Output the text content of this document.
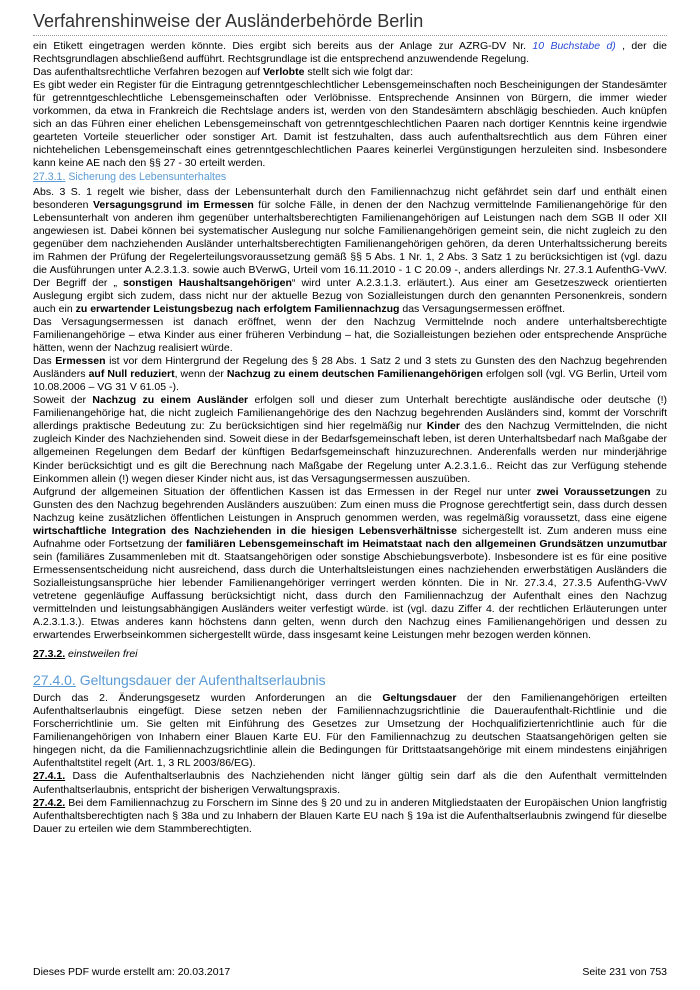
Verfahrenshinweise der Ausländerbehörde Berlin

ein Etikett eingetragen werden könnte. Dies ergibt sich bereits aus der Anlage zur AZRG-DV Nr. 10 Buchstabe d) , der die Rechtsgrundlagen abschließend aufführt. Rechtsgrundlage ist die entsprechend anzuwendende Regelung.

Das aufenthaltsrechtliche Verfahren bezogen auf Verlobte stellt sich wie folgt dar:

Es gibt weder ein Register für die Eintragung getrenntgeschlechtlicher Lebensgemeinschaften noch Bescheinigungen der Standesämter für getrenntgeschlechtliche Lebensgemeinschaften oder Verlöbnisse. Entsprechende Ansinnen von Bürgern, die immer wieder vorkommen, da etwa in Frankreich die Rechtslage anders ist, werden von den Standesämtern abschlägig beschieden. Auch knüpfen sich an das Führen einer ehelichen Lebensgemeinschaft von getrenntgeschlechtlichen Paaren nach dortiger Kenntnis keine irgendwie gearteten Vorteile steuerlicher oder sonstiger Art. Damit ist festzuhalten, dass auch aufenthaltsrechtlich aus dem Führen einer nichtehelichen Lebensgemeinschaft eines getrenntgeschlechtlichen Paares keinerlei Vergünstigungen herzuleiten sind. Insbesondere kann keine AE nach den §§ 27 - 30 erteilt werden.

27.3.1. Sicherung des Lebensunterhaltes

Abs. 3 S. 1 regelt wie bisher, dass der Lebensunterhalt durch den Familiennachzug nicht gefährdet sein darf und enthält einen besonderen Versagungsgrund im Ermessen für solche Fälle, in denen der den Nachzug vermittelnde Familienangehörige für den Lebensunterhalt von anderen ihm gegenüber unterhaltsberechtigten Familienangehörigen auf Leistungen nach dem SGB II oder XII angewiesen ist. Dabei können bei systematischer Auslegung nur solche Familienangehörigen gemeint sein, die nicht zugleich zu den gegenüber dem nachziehenden Ausländer unterhaltsberechtigten Familienangehörigen gehören, da deren Unterhaltssicherung bereits im Rahmen der Prüfung der Regelerteilungsvoraussetzung gemäß §§ 5 Abs. 1 Nr. 1, 2 Abs. 3 Satz 1 zu berücksichtigen ist (vgl. dazu die Ausführungen unter A.2.3.1.3. sowie auch BVerwG, Urteil vom 16.11.2010 - 1 C 20.09 -, anders allerdings Nr. 27.3.1 AufenthG-VwV. Der Begriff der „ sonstigen Haushaltsangehörigen“ wird unter A.2.3.1.3. erläutert.). Aus einer am Gesetzeszweck orientierten Auslegung ergibt sich zudem, dass nicht nur der aktuelle Bezug von Sozialleistungen durch den genannten Personenkreis, sondern auch ein zu erwartender Leistungsbezug nach erfolgtem Familiennachzug das Versagungsermessen eröffnet.

Das Versagungsermessen ist danach eröffnet, wenn der den Nachzug Vermittelnde noch andere unterhaltsberechtigte Familienangehörige – etwa Kinder aus einer früheren Verbindung – hat, die Sozialleistungen beziehen oder entsprechende Ansprüche hätten, wenn der Nachzug realisiert würde.

Das Ermessen ist vor dem Hintergrund der Regelung des § 28 Abs. 1 Satz 2 und 3 stets zu Gunsten des den Nachzug begehrenden Ausländers auf Null reduziert, wenn der Nachzug zu einem deutschen Familienangehörigen erfolgen soll (vgl. VG Berlin, Urteil vom 10.08.2006 – VG 31 V 61.05 -).

Soweit der Nachzug zu einem Ausländer erfolgen soll und dieser zum Unterhalt berechtigte ausländische oder deutsche (!) Familienangehörige hat, die nicht zugleich Familienangehörige des den Nachzug begehrenden Ausländers sind, kommt der Vorschrift allerdings praktische Bedeutung zu: Zu berücksichtigen sind hier regelmäßig nur Kinder des den Nachzug Vermittelnden, die nicht zugleich Kinder des Nachziehenden sind. Soweit diese in der Bedarfsgemeinschaft leben, ist deren Unterhaltsbedarf nach Maßgabe der allgemeinen Regelungen dem Bedarf der künftigen Bedarfsgemeinschaft hinzuzurechnen. Anderenfalls werden nur minderjährige Kinder berücksichtigt und es gilt die Berechnung nach Maßgabe der Regelung unter A.2.3.1.6.. Reicht das zur Verfügung stehende Einkommen allein (!) wegen dieser Kinder nicht aus, ist das Versagungsermessen auszuüben.

Aufgrund der allgemeinen Situation der öffentlichen Kassen ist das Ermessen in der Regel nur unter zwei Voraussetzungen zu Gunsten des den Nachzug begehrenden Ausländers auszuüben: Zum einen muss die Prognose gerechtfertigt sein, dass durch dessen Nachzug keine zusätzlichen öffentlichen Leistungen in Anspruch genommen werden, was regelmäßig voraussetzt, dass eine eigene wirtschaftliche Integration des Nachziehenden in die hiesigen Lebensverhältnisse sichergestellt ist. Zum anderen muss eine Aufnahme oder Fortsetzung der familiären Lebensgemeinschaft im Heimatstaat nach den allgemeinen Grundsätzen unzumutbar sein (familiäres Zusammenleben mit dt. Staatsangehörigen oder sonstige Abschiebungsverbote). Insbesondere ist es für eine positive Ermessensentscheidung nicht ausreichend, dass durch die Unterhaltsleistungen eines nachziehenden erwerbstätigen Ausländers die Sozialleistungsansprüche hier lebender Familienangehöriger verringert werden könnten. Die in Nr. 27.3.4, 27.3.5 AufenthG-VwV vetretene gegenläufige Auffassung berücksichtigt nicht, dass durch den Familiennachzug der Aufenthalt eines den Nachzug vermittelnden und leistungsabhängigen Ausländers weiter verfestigt würde. ist (vgl. dazu Ziffer 4. der rechtlichen Erläuterungen unter A.2.3.1.3.). Etwas anderes kann höchstens dann gelten, wenn durch den Nachzug eines Familienangehörigen und dessen zu erwartendes Erwerbseinkommen sichergestellt würde, dass insgesamt keine Leistungen mehr bezogen werden können.

27.3.2. einstweilen frei

27.4.0. Geltungsdauer der Aufenthaltserlaubnis

Durch das 2. Änderungsgesetz wurden Anforderungen an die Geltungsdauer der den Familienangehörigen erteilten Aufenthaltserlaubnis eingefügt. Diese setzen neben der Familiennachzugsrichtlinie die Daueraufenthalt-Richtlinie und die Forscherrichtlinie um. Sie gelten mit Einführung des Gesetzes zur Umsetzung der Hochqualifiziertenrichtlinie auch für die Familienangehörigen von Inhabern einer Blauen Karte EU. Für den Familiennachzug zu deutschen Staatsangehörigen gelten sie hingegen nicht, da die Familiennachzugsrichtlinie allein die Bedingungen für Drittstaatsangehörige mit einem mindestens einjährigen Aufenthaltstitel regelt (Art. 1, 3 RL 2003/86/EG).

27.4.1. Dass die Aufenthaltserlaubnis des Nachziehenden nicht länger gültig sein darf als die den Aufenthalt vermittelnden Aufenthaltserlaubnis, entspricht der bisherigen Verwaltungspraxis.

27.4.2. Bei dem Familiennachzug zu Forschern im Sinne des § 20 und zu in anderen Mitgliedstaaten der Europäischen Union langfristig Aufenthaltsberechtigten nach § 38a und zu Inhabern der Blauen Karte EU nach § 19a ist die Aufenthaltserlaubnis zwingend für dieselbe Dauer zu erteilen wie dem Stammberechtigten.

Dieses PDF wurde erstellt am: 20.03.2017	Seite 231 von 753
